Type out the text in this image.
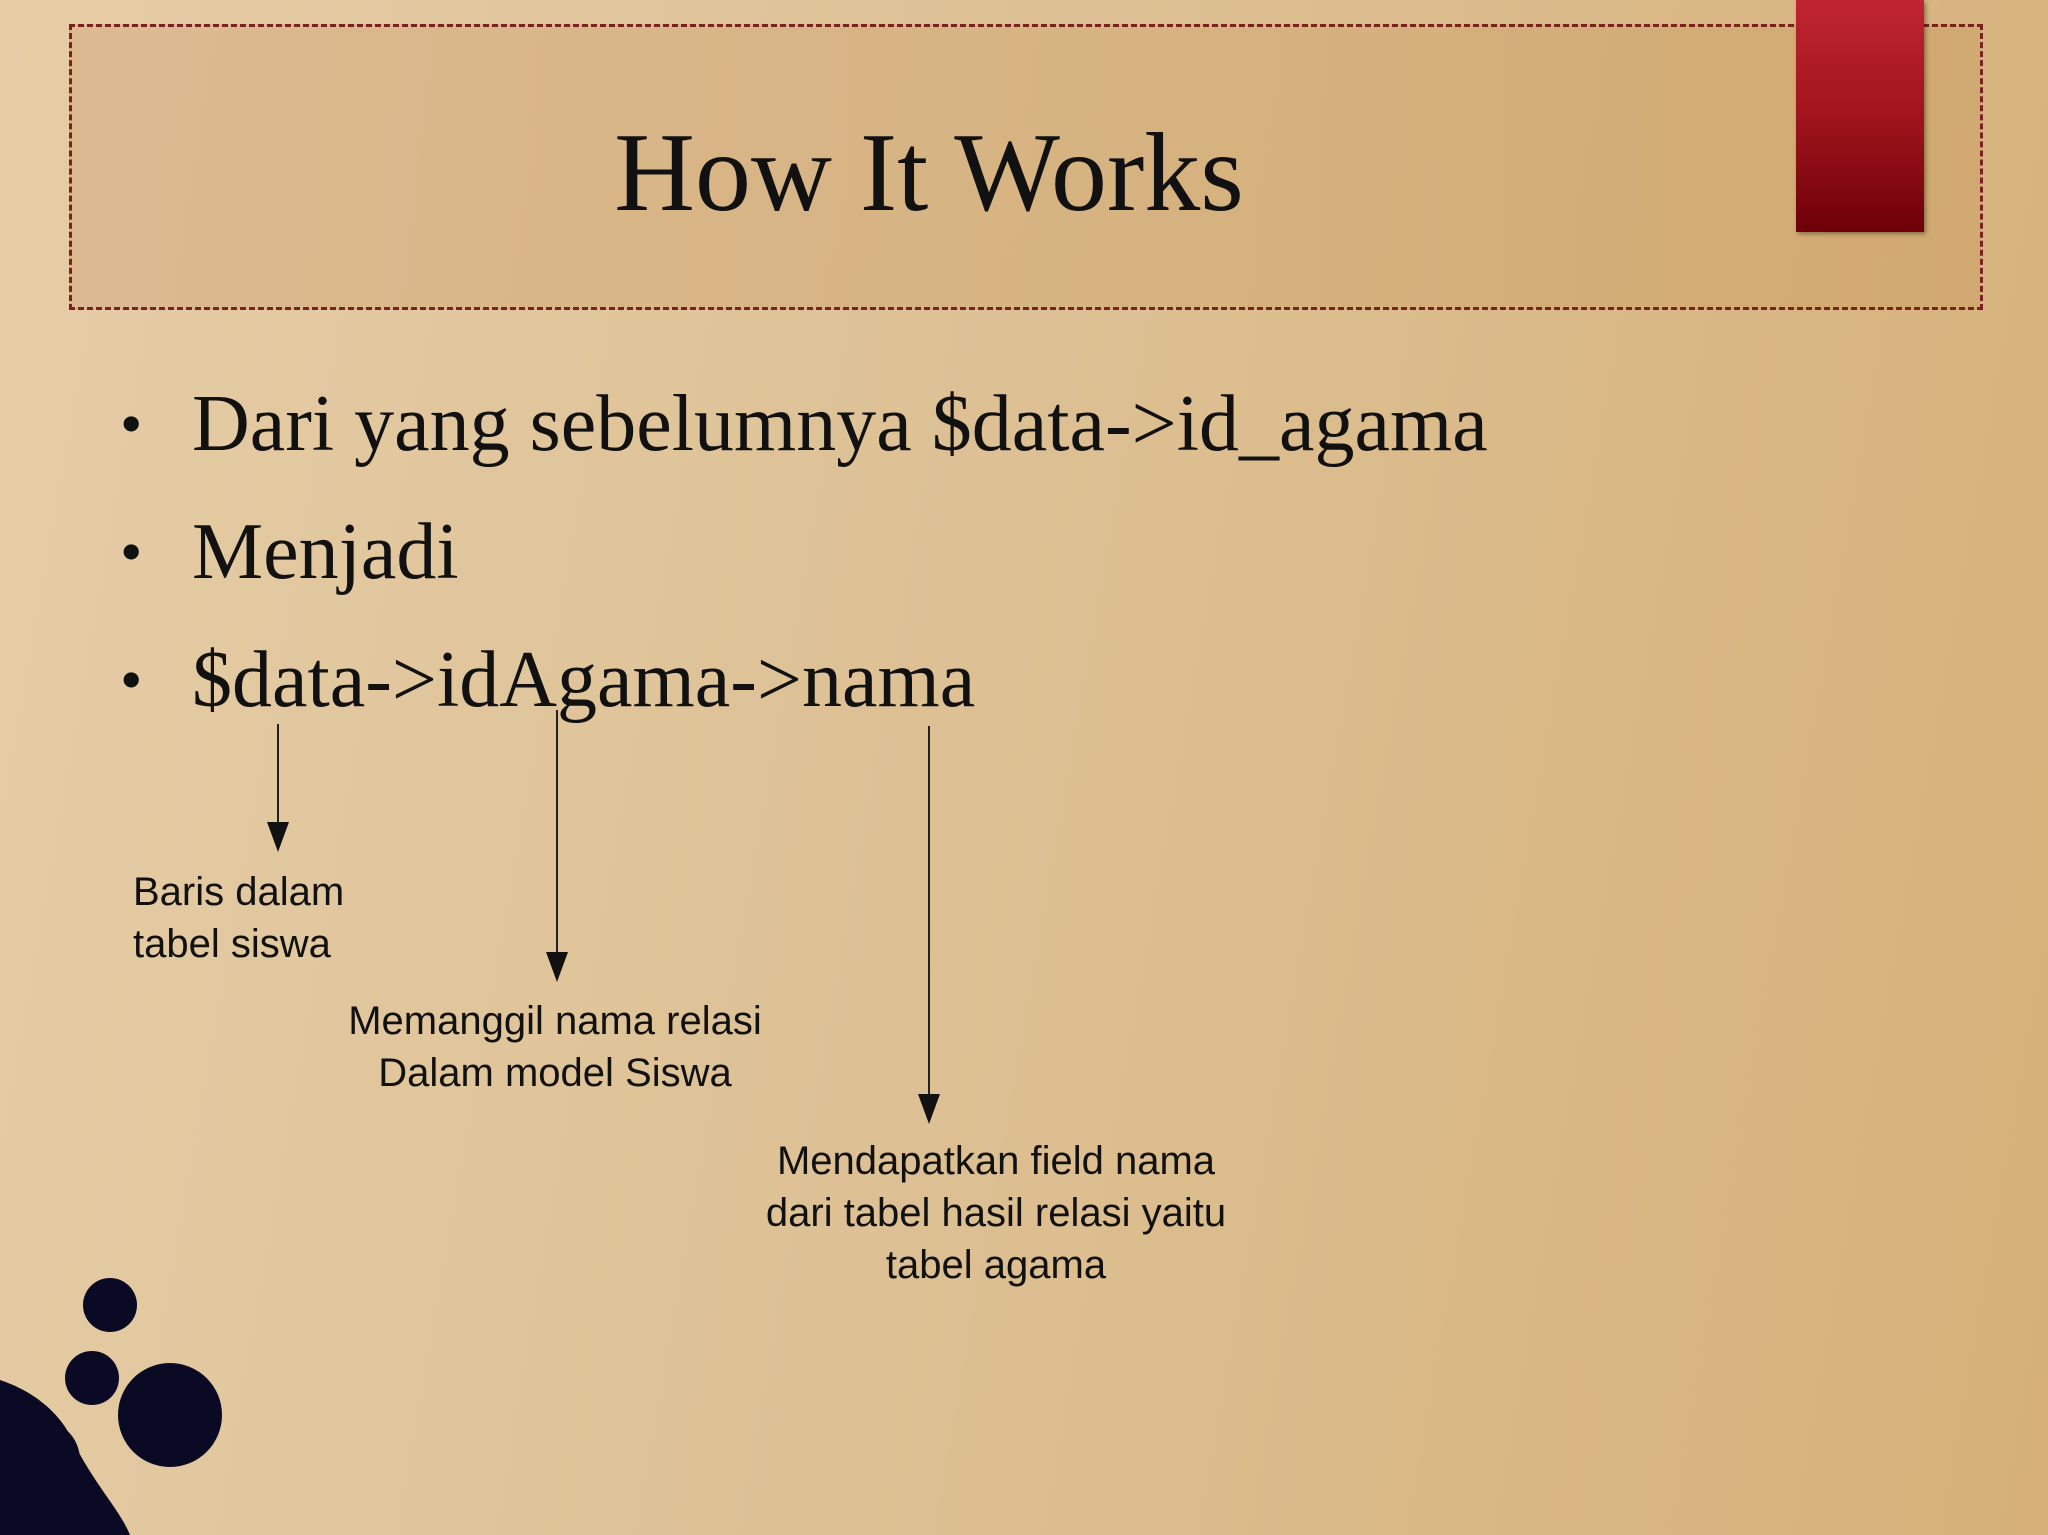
How It Works
• Dari yang sebelumnya $data->id_agama
• Menjadi
• $data->idAgama->nama
Baris dalam
tabel siswa
Memanggil nama relasi
Dalam model Siswa
Mendapatkan field nama
dari tabel hasil relasi yaitu
tabel agama
